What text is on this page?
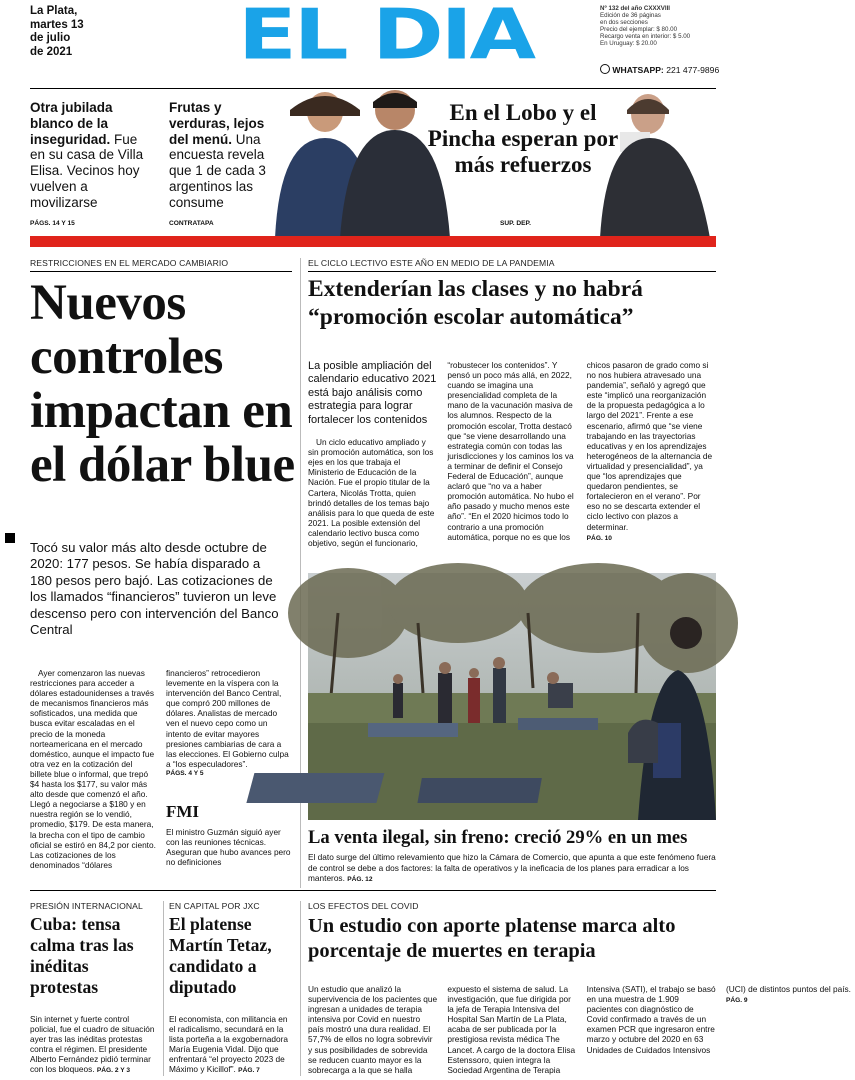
La Plata,
martes 13
de julio
de 2021	EL DIA	Nº 132 del año CXXXVIII
Edición de 36 páginas
en dos secciones
Precio del ejemplar: $ 80.00
Recargo venta en interior: $ 5.00
En Uruguay: $ 20.00
WHATSAPP: 221 477-9896
Otra jubilada blanco de la inseguridad. Fue en su casa de Villa Elisa. Vecinos hoy vuelven a movilizarse
PÁGS. 14 Y 15
Frutas y verduras, lejos del menú. Una encuesta revela que 1 de cada 3 argentinos las consume
CONTRATAPA
En el Lobo y el Pincha esperan por más refuerzos
SUP. DEP.
RESTRICCIONES EN EL MERCADO CAMBIARIO
Nuevos controles impactan en el dólar blue
Tocó su valor más alto desde octubre de 2020: 177 pesos. Se había disparado a 180 pesos pero bajó. Las cotizaciones de los llamados “financieros” tuvieron un leve descenso pero con intervención del Banco Central

Ayer comenzaron las nuevas restricciones para acceder a dólares estadounidenses a través de mecanismos financieros más sofisticados, una medida que busca evitar escaladas en el precio de la moneda norteamericana en el mercado doméstico, aunque el impacto fue otra vez en la cotización del billete blue o informal, que trepó $4 hasta los $177, su valor más alto desde que comenzó el año. Llegó a negociarse a $180 y en nuestra región se lo vendió, promedio, $179. De esta manera, la brecha con el tipo de cambio oficial se estiró en 84,2 por ciento. Las cotizaciones de los denominados “dólares financieros” retrocedieron levemente en la víspera con la intervención del Banco Central, que compró 200 millones de dólares. Analistas de mercado ven el nuevo cepo como un intento de evitar mayores presiones cambiarias de cara a las elecciones. El Gobierno culpa a “los especuladores”.

PÁGS. 4 Y 5
FMI
El ministro Guzmán siguió ayer con las reuniones técnicas. Aseguran que hubo avances pero no definiciones
EL CICLO LECTIVO ESTE AÑO EN MEDIO DE LA PANDEMIA
Extenderían las clases y no habrá “promoción escolar automática”
La posible ampliación del calendario educativo 2021 está bajo análisis como estrategia para lograr fortalecer los contenidos

Un ciclo educativo ampliado y sin promoción automática, son los ejes en los que trabaja el Ministerio de Educación de la Nación. Fue el propio titular de la Cartera, Nicolás Trotta, quien brindó detalles de los temas bajo análisis para lo que queda de este 2021. La posible extensión del calendario lectivo busca como objetivo, según el funcionario, “robustecer los contenidos”. Y pensó un poco más allá, en 2022, cuando se imagina una presencialidad completa de la mano de la vacunación masiva de los alumnos. Respecto de la promoción escolar, Trotta destacó que “se viene desarrollando una estrategia común con todas las jurisdicciones y los caminos los va a terminar de definir el Consejo Federal de Educación”, aunque aclaró que “no va a haber promoción automática. No hubo el año pasado y mucho menos este año”. “En el 2020 hicimos todo lo contrario a una promoción automática, porque no es que los chicos pasaron de grado como si no nos hubiera atravesado una pandemia”, señaló y agregó que este “implicó una reorganización de la propuesta pedagógica a lo largo del 2021”. Frente a ese escenario, afirmó que “se viene trabajando en las trayectorias educativas y en los aprendizajes heterogéneos de la alternancia de virtualidad y presencialidad”, ya que “los aprendizajes que quedaron pendientes, se fortalecieron en el verano”. Por eso no se descarta extender el ciclo lectivo con plazos a determinar.

PÁG. 10
La venta ilegal, sin freno: creció 29% en un mes
El dato surge del último relevamiento que hizo la Cámara de Comercio, que apunta a que este fenómeno fuera de control se debe a dos factores: la falta de operativos y la ineficacia de los planes para erradicar a los manteros. PÁG. 12
PRESIÓN INTERNACIONAL
Cuba: tensa calma tras las inéditas protestas
Sin internet y fuerte control policial, fue el cuadro de situación ayer tras las inéditas protestas contra el régimen. El presidente Alberto Fernández pidió terminar con los bloqueos. PÁG. 2 Y 3
EN CAPITAL POR JXC
El platense Martín Tetaz, candidato a diputado
El economista, con militancia en el radicalismo, secundará en la lista porteña a la exgobernadora María Eugenia Vidal. Dijo que enfrentará “el proyecto 2023 de Máximo y Kicillof”. PÁG. 7
LOS EFECTOS DEL COVID
Un estudio con aporte platense marca alto porcentaje de muertes en terapia
Un estudio que analizó la supervivencia de los pacientes que ingresan a unidades de terapia intensiva por Covid en nuestro país mostró una dura realidad. El 57,7% de ellos no logra sobrevivir y sus posibilidades de sobrevida se reducen cuanto mayor es la sobrecarga a la que se halla expuesto el sistema de salud. La investigación, que fue dirigida por la jefa de Terapia Intensiva del Hospital San Martín de La Plata, acaba de ser publicada por la prestigiosa revista médica The Lancet. A cargo de la doctora Elisa Estenssoro, quien integra la Sociedad Argentina de Terapia Intensiva (SATI), el trabajo se basó en una muestra de 1.909 pacientes con diagnóstico de Covid confirmado a través de un examen PCR que ingresaron entre marzo y octubre del 2020 en 63 Unidades de Cuidados Intensivos (UCI) de distintos puntos del país. PÁG. 9
